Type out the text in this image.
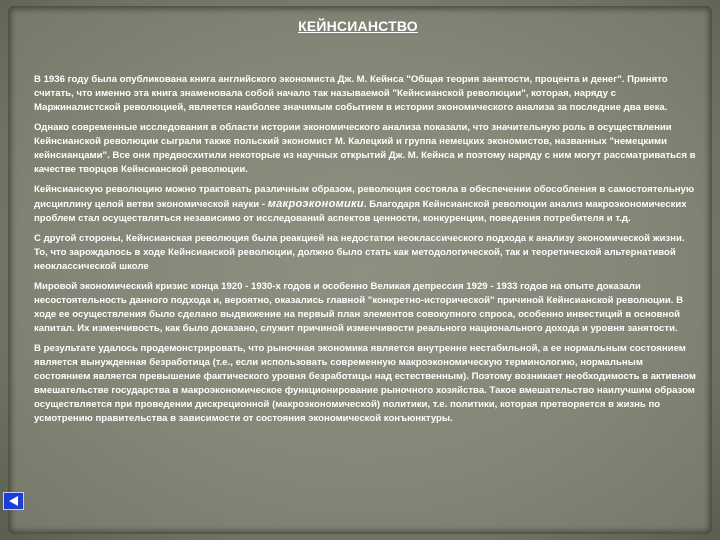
КЕЙНСИАНСТВО

В 1936 году была опубликована книга английского экономиста Дж. М. Кейнса "Общая теория занятости, процента и денег". Принято считать, что именно эта книга знаменовала собой начало так называемой "Кейнсианской революции", которая, наряду с Маржиналистской революцией, является наиболее значимым событием в истории экономического анализа за последние два века.

Однако современные исследования в области истории экономического анализа показали, что значительную роль в осуществлении Кейнсианской революции сыграли также польский экономист М. Калецкий и группа немецких экономистов, названных "немецкими кейнсианцами". Все они предвосхитили некоторые из научных открытий Дж. М. Кейнса и поэтому наряду с ним могут рассматриваться в качестве творцов Кейнсианской революции.

Кейнсианскую революцию можно трактовать различным образом, революция состояла в обеспечении обособления в самостоятельную дисциплину целой ветви экономической науки - макроэкономики. Благодаря Кейнсианской революции анализ макроэкономических проблем стал осуществляться независимо от исследований аспектов ценности, конкуренции, поведения потребителя и т.д.

С другой стороны, Кейнсианская революция была реакцией на недостатки неоклассического подхода к анализу экономической жизни. То, что зарождалось в ходе Кейнсианской революции, должно было стать как методологической, так и теоретической альтернативой неоклассической школе

Мировой экономический кризис конца 1920 - 1930-х годов и особенно Великая депрессия 1929 - 1933 годов на опыте доказали несостоятельность данного подхода и, вероятно, оказались главной "конкретно-исторической" причиной Кейнсианской революции. В ходе ее осуществления было сделано выдвижение на первый план элементов совокупного спроса, особенно инвестиций в основной капитал. Их изменчивость, как было доказано, служит причиной изменчивости реального национального дохода и уровня занятости.

В результате удалось продемонстрировать, что рыночная экономика является внутренне нестабильной, а ее нормальным состоянием является вынужденная безработица (т.е., если использовать современную макроэкономическую терминологию, нормальным состоянием является превышение фактического уровня безработицы над естественным). Поэтому возникает необходимость в активном вмешательстве государства в макроэкономическое функционирование рыночного хозяйства. Такое вмешательство наилучшим образом осуществляется при проведении дискреционной (макроэкономической) политики, т.е. политики, которая претворяется в жизнь по усмотрению правительства в зависимости от состояния экономической конъюнктуры.
